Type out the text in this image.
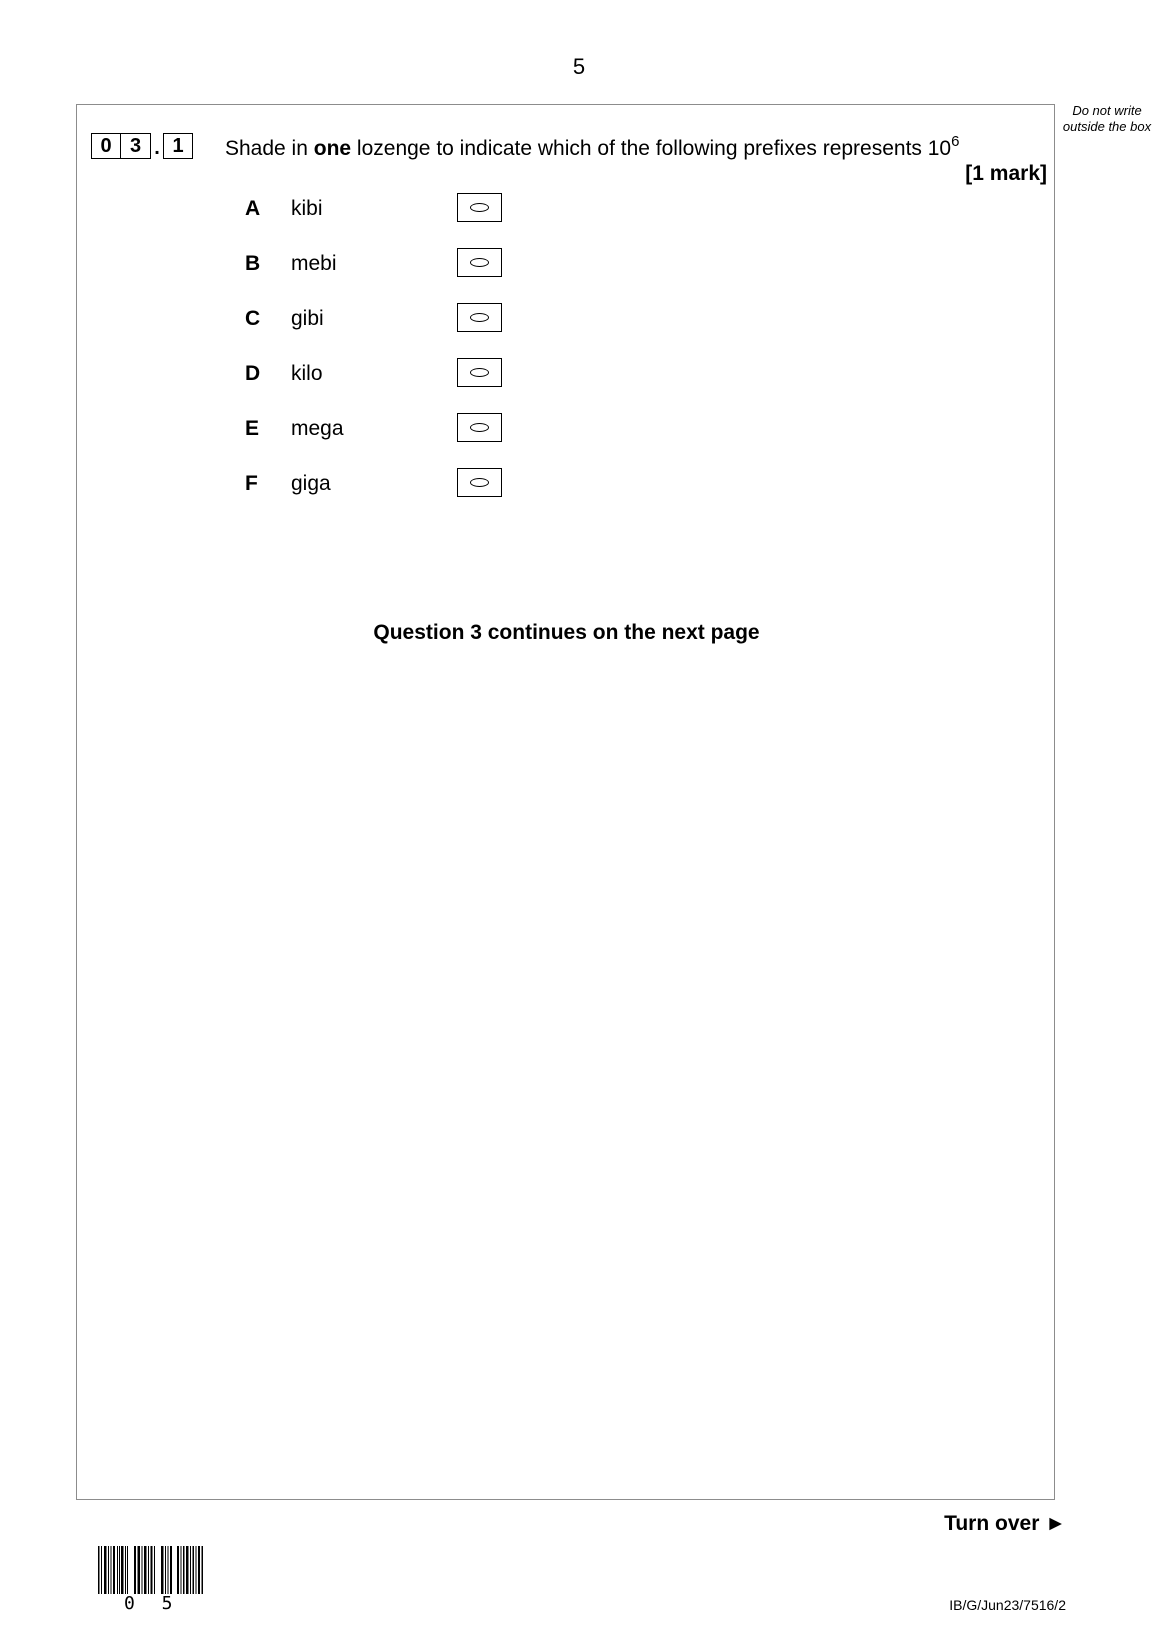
5
Do not write outside the box
0 3 . 1	Shade in one lozenge to indicate which of the following prefixes represents $10^6$
[1 mark]
A kibi
B mebi
C gibi
D kilo
E mega
F giga
Question 3 continues on the next page
Turn over ►
0 5	IB/G/Jun23/7516/2
